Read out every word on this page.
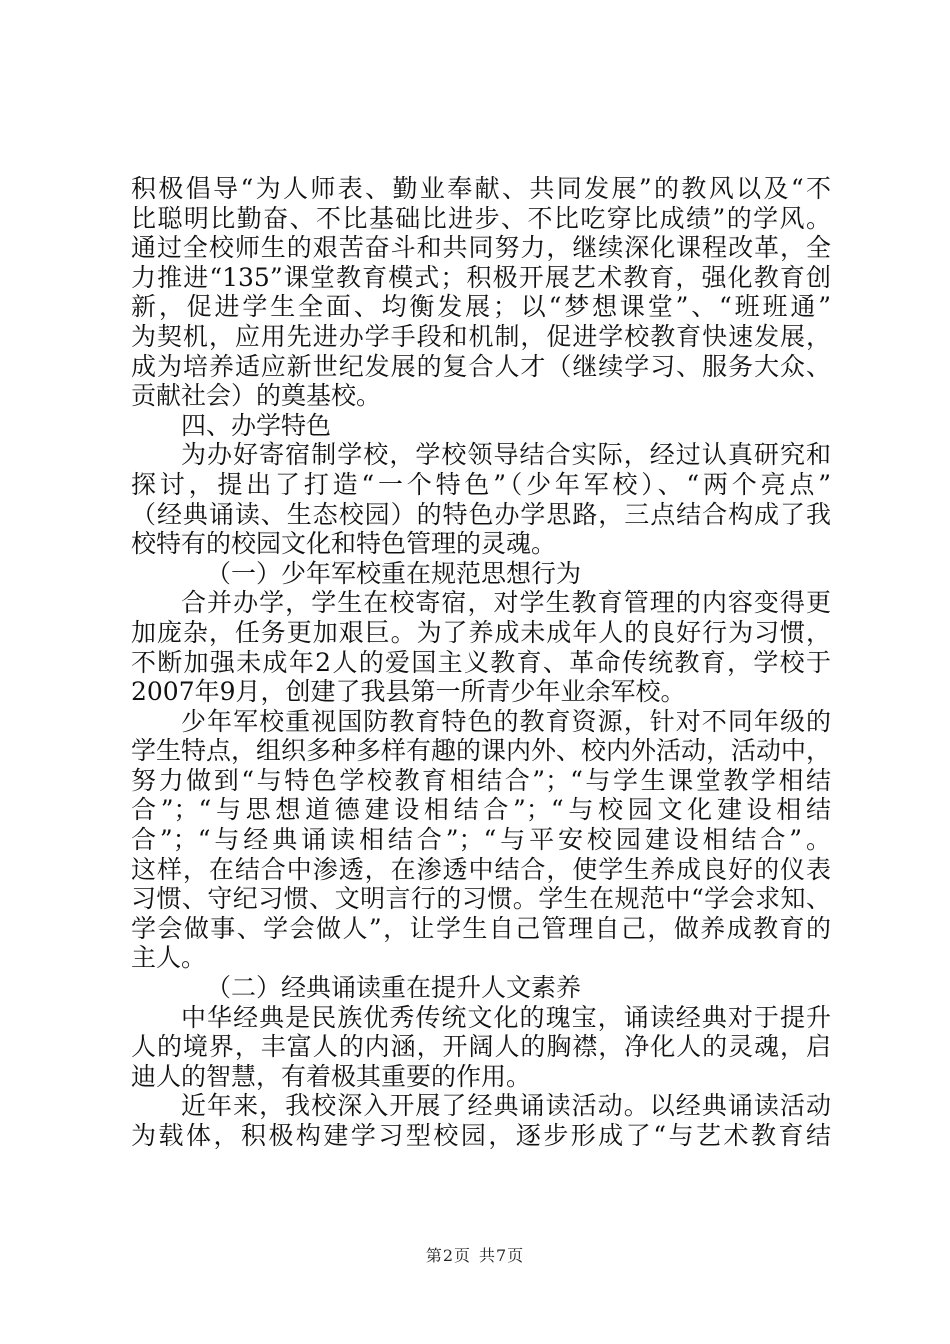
积极倡导“为人师表、勤业奉献、共同发展”的教风以及“不
比聪明比勤奋、不比基础比进步、不比吃穿比成绩”的学风。
通过全校师生的艰苦奋斗和共同努力，继续深化课程改革，全
力推进“135”课堂教育模式；积极开展艺术教育，强化教育创
新，促进学生全面、均衡发展；以“梦想课堂”、“班班通”
为契机，应用先进办学手段和机制，促进学校教育快速发展，
成为培养适应新世纪发展的复合人才（继续学习、服务大众、
贡献社会）的奠基校。
四、办学特色
为办好寄宿制学校，学校领导结合实际，经过认真研究和
探讨，提出了打造“一个特色”（少年军校）、“两个亮点”
（经典诵读、生态校园）的特色办学思路，三点结合构成了我
校特有的校园文化和特色管理的灵魂。
（一）少年军校重在规范思想行为
合并办学，学生在校寄宿，对学生教育管理的内容变得更
加庞杂，任务更加艰巨。为了养成未成年人的良好行为习惯，
不断加强未成年2人的爱国主义教育、革命传统教育，学校于
2007年9月，创建了我县第一所青少年业余军校。
少年军校重视国防教育特色的教育资源，针对不同年级的
学生特点，组织多种多样有趣的课内外、校内外活动，活动中，
努力做到“与特色学校教育相结合”；“与学生课堂教学相结
合”；“与思想道德建设相结合”；“与校园文化建设相结
合”；“与经典诵读相结合”；“与平安校园建设相结合”。
这样，在结合中渗透，在渗透中结合，使学生养成良好的仪表
习惯、守纪习惯、文明言行的习惯。学生在规范中“学会求知、
学会做事、学会做人”，让学生自己管理自己，做养成教育的
主人。
（二）经典诵读重在提升人文素养
中华经典是民族优秀传统文化的瑰宝，诵读经典对于提升
人的境界，丰富人的内涵，开阔人的胸襟，净化人的灵魂，启
迪人的智慧，有着极其重要的作用。
近年来，我校深入开展了经典诵读活动。以经典诵读活动
为载体，积极构建学习型校园，逐步形成了“与艺术教育结
第2页 共7页
